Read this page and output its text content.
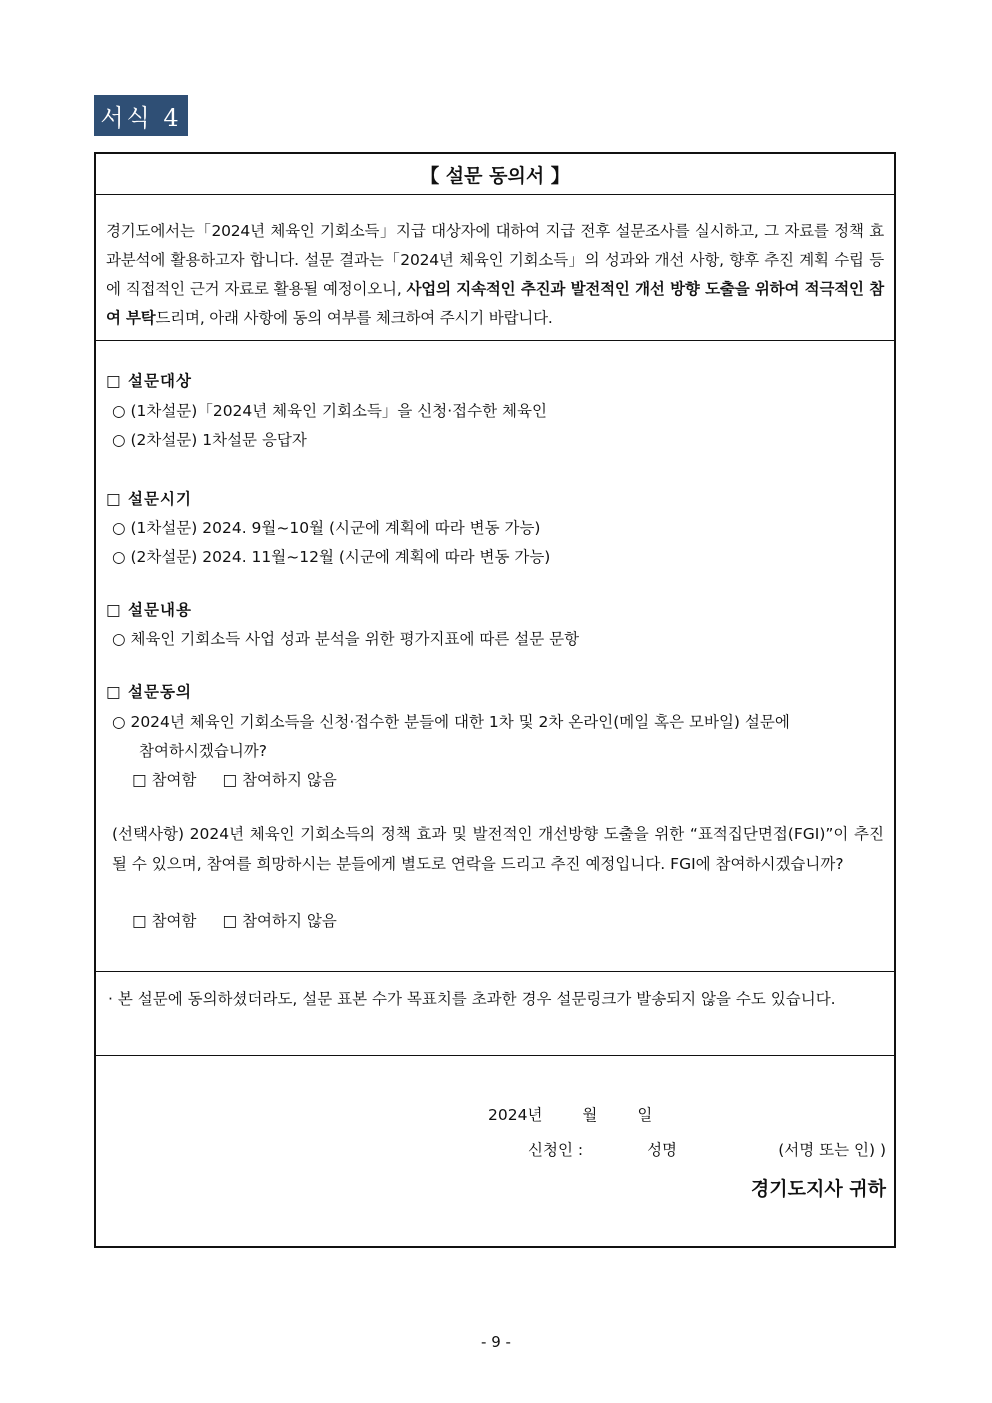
서식 4
【 설문 동의서 】
경기도에서는「2024년 체육인 기회소득」지급 대상자에 대하여 지급 전후 설문조사를 실시하고, 그 자료를 정책 효과분석에 활용하고자 합니다. 설문 결과는「2024년 체육인 기회소득」의 성과와 개선 사항, 향후 추진 계획 수립 등에 직접적인 근거 자료로 활용될 예정이오니, 사업의 지속적인 추진과 발전적인 개선 방향 도출을 위하여 적극적인 참여 부탁드리며, 아래 사항에 동의 여부를 체크하여 주시기 바랍니다.
□ 설문대상
○ (1차설문)「2024년 체육인 기회소득」을 신청·접수한 체육인
○ (2차설문) 1차설문 응답자
□ 설문시기
○ (1차설문) 2024. 9월~10월 (시군에 계획에 따라 변동 가능)
○ (2차설문) 2024. 11월~12월 (시군에 계획에 따라 변동 가능)
□ 설문내용
○ 체육인 기회소득 사업 성과 분석을 위한 평가지표에 따른 설문 문항
□ 설문동의
○ 2024년 체육인 기회소득을 신청·접수한 분들에 대한 1차 및 2차 온라인(메일 혹은 모바일) 설문에
참여하시겠습니까?
□ 참여함 □ 참여하지 않음
(선택사항) 2024년 체육인 기회소득의 정책 효과 및 발전적인 개선방향 도출을 위한 “표적집단면접(FGI)”이 추진될 수 있으며, 참여를 희망하시는 분들에게 별도로 연락을 드리고 추진 예정입니다. FGI에 참여하시겠습니까?
□ 참여함 □ 참여하지 않음
· 본 설문에 동의하셨더라도, 설문 표본 수가 목표치를 초과한 경우 설문링크가 발송되지 않을 수도 있습니다.
2024년	월	일
신청인 :	성명	(서명 또는 인) )
경기도지사 귀하
- 9 -
